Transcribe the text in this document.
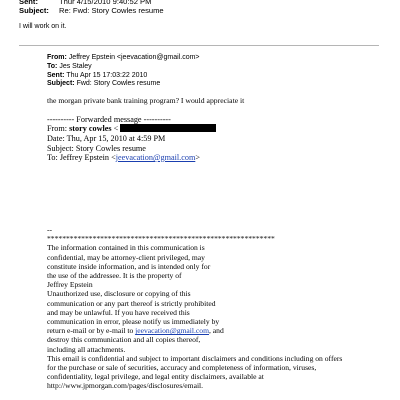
Sent:	Thur 4/15/2010 9:40:52 PM
Subject: Re: Fwd: Story Cowles resume
I will work on it.
From: Jeffrey Epstein <jeevacation@gmail.com>
To: Jes Staley
Sent: Thu Apr 15 17:03:22 2010
Subject: Fwd: Story Cowles resume
the morgan private bank training program? I would appreciate it
---------- Forwarded message ----------
From: story cowles <
Date: Thu, Apr 15, 2010 at 4:59 PM
Subject: Story Cowles resume
To: Jeffrey Epstein <jeevacation@gmail.com>
--
************************************************************
The information contained in this communication is
confidential, may be attorney-client privileged, may
constitute inside information, and is intended only for
the use of the addressee. It is the property of
Jeffrey Epstein
Unauthorized use, disclosure or copying of this
communication or any part thereof is strictly prohibited
and may be unlawful. If you have received this
communication in error, please notify us immediately by
return e-mail or by e-mail to jeevacation@gmail.com, and
destroy this communication and all copies thereof,
including all attachments.
This email is confidential and subject to important disclaimers and conditions including on offers
for the purchase or sale of securities, accuracy and completeness of information, viruses,
confidentiality, legal privilege, and legal entity disclaimers, available at
http://www.jpmorgan.com/pages/disclosures/email.
